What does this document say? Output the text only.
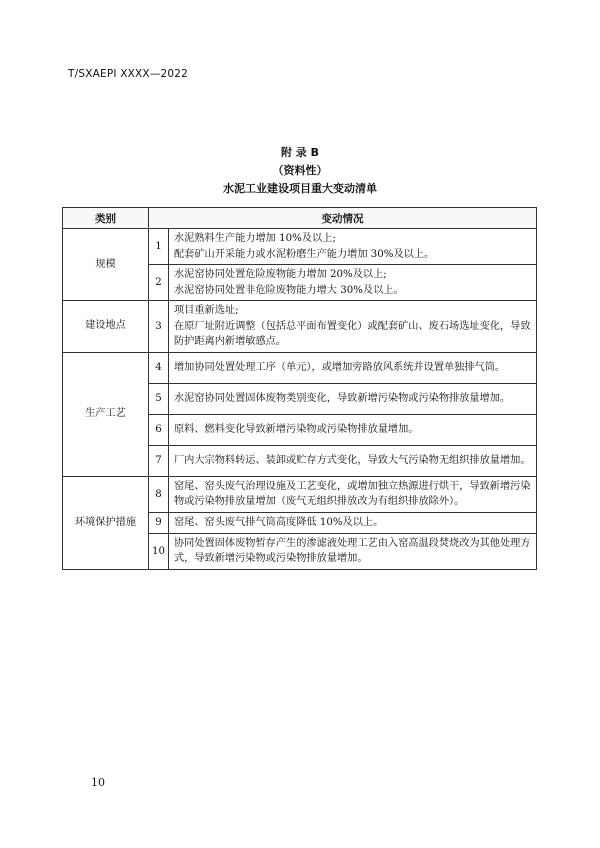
T/SXAEPI XXXX—2022
附 录 B
（资料性）
水泥工业建设项目重大变动清单
类别	变动情况	
规模	1	水泥熟料生产能力增加 10%及以上;
配套矿山开采能力或水泥粉磨生产能力增加 30%及以上。

	2	水泥窑协同处置危险废物能力增加 20%及以上;
水泥窑协同处置非危险废物能力增大 30%及以上。

建设地点	3	项目重新选址;
在原厂址附近调整（包括总平面布置变化）或配套矿山、废石场选址变化，导致防护距离内新增敏感点。

生产工艺	4	增加协同处置处理工序（单元），或增加旁路放风系统并设置单独排气筒。

	5	水泥窑协同处置固体废物类别变化，导致新增污染物或污染物排放量增加。

	6	原料、燃料变化导致新增污染物或污染物排放量增加。

	7	厂内大宗物料转运、装卸或贮存方式变化，导致大气污染物无组织排放量增加。

环境保护措施	8	窑尾、窑头废气治理设施及工艺变化，或增加独立热源进行烘干，导致新增污染物或污染物排放量增加（废气无组织排放改为有组织排放除外）。

	9	窑尾、窑头废气排气筒高度降低 10%及以上。

	10	协同处置固体废物暂存产生的渗滤液处理工艺由入窑高温段焚烧改为其他处理方式，导致新增污染物或污染物排放量增加。
10
